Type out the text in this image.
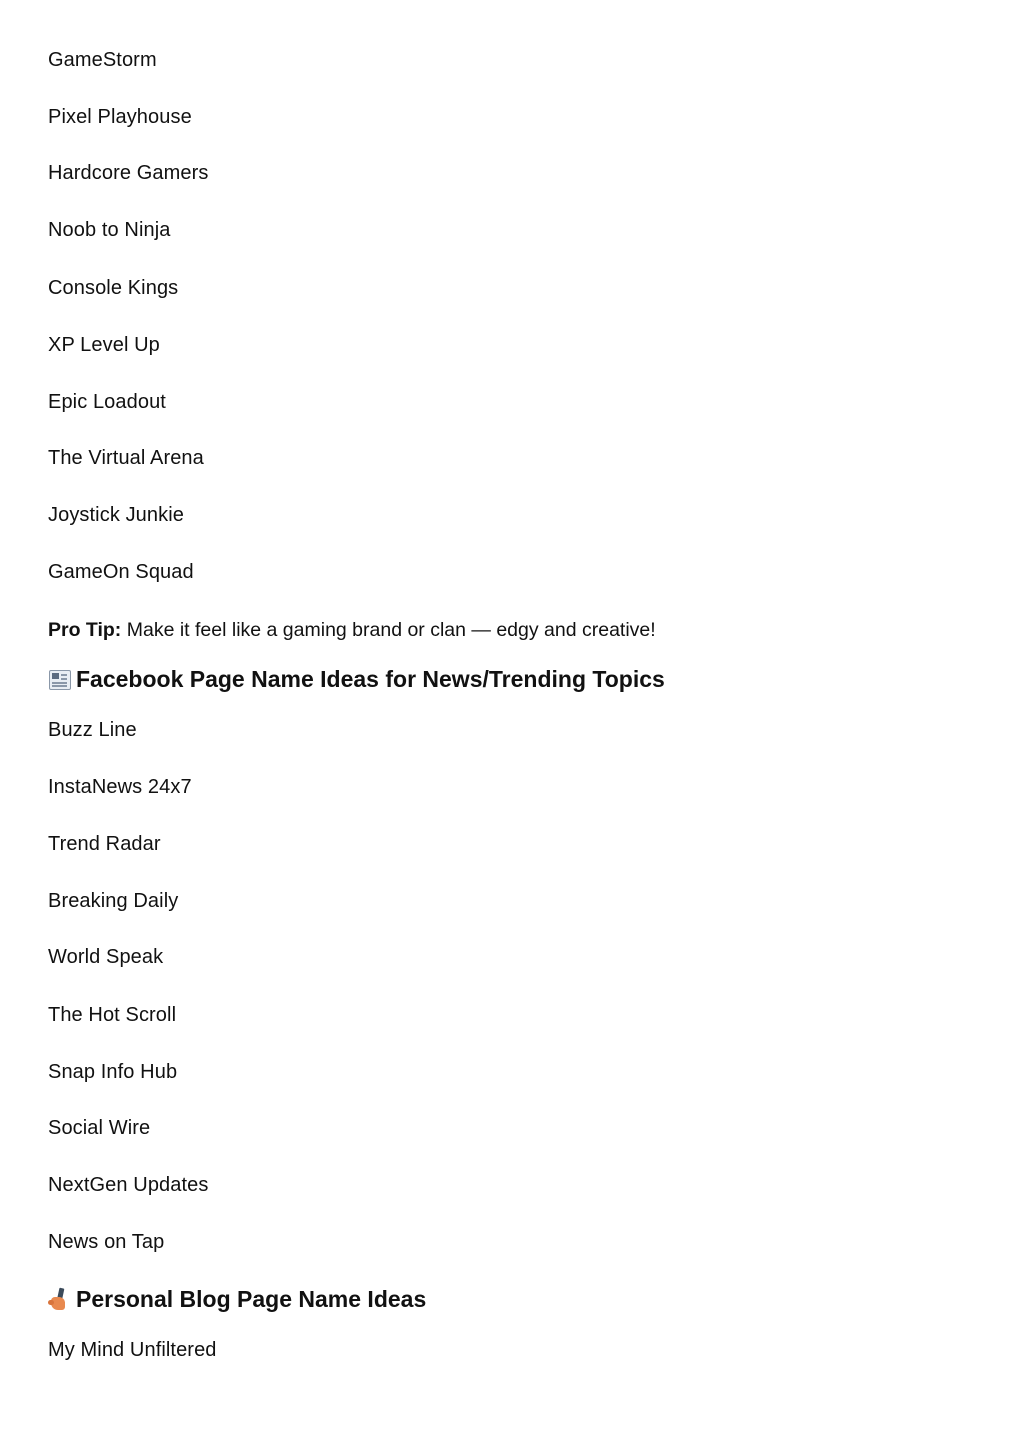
GameStorm
Pixel Playhouse
Hardcore Gamers
Noob to Ninja
Console Kings
XP Level Up
Epic Loadout
The Virtual Arena
Joystick Junkie
GameOn Squad
Pro Tip: Make it feel like a gaming brand or clan — edgy and creative!
Facebook Page Name Ideas for News/Trending Topics
Buzz Line
InstaNews 24x7
Trend Radar
Breaking Daily
World Speak
The Hot Scroll
Snap Info Hub
Social Wire
NextGen Updates
News on Tap
Personal Blog Page Name Ideas
My Mind Unfiltered
